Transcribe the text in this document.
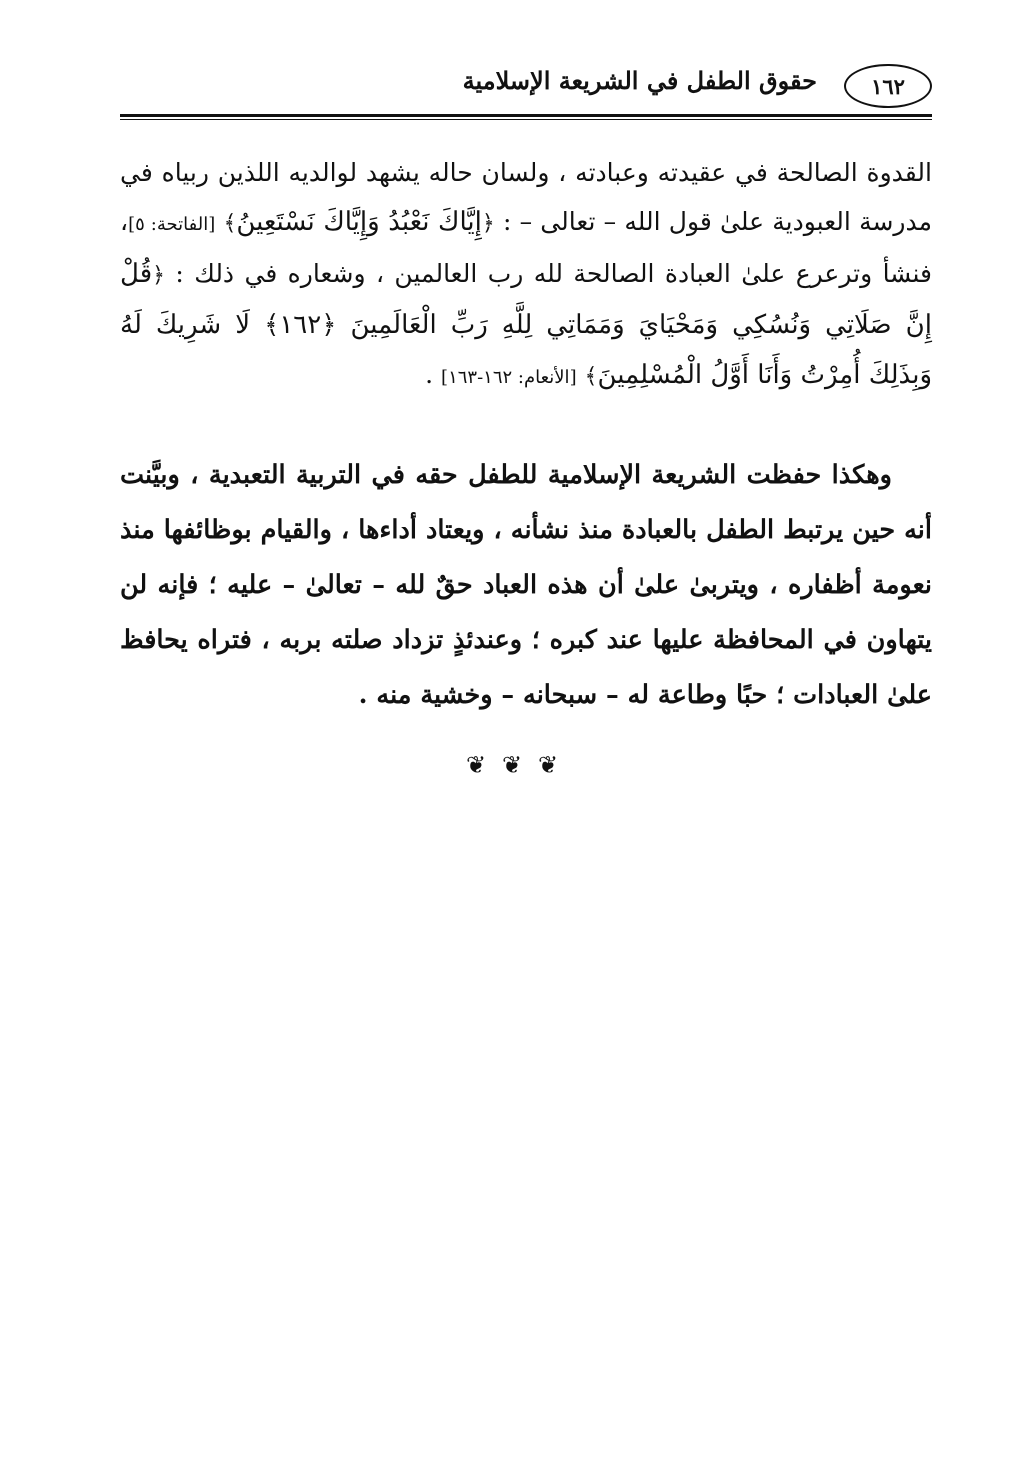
١٦٢
حقوق الطفل في الشريعة الإسلامية
القدوة الصالحة في عقيدته وعبادته ، ولسان حاله يشهد لوالديه اللذين ربياه في مدرسة العبودية علىٰ قول الله – تعالى – : ﴿إِيَّاكَ نَعْبُدُ وَإِيَّاكَ نَسْتَعِينُ﴾ [الفاتحة: ٥]، فنشأ وترعرع علىٰ العبادة الصالحة لله رب العالمين ، وشعاره في ذلك : ﴿قُلْ إِنَّ صَلَاتِي وَنُسُكِي وَمَحْيَايَ وَمَمَاتِي لِلَّهِ رَبِّ الْعَالَمِينَ ﴿١٦٢﴾ لَا شَرِيكَ لَهُ وَبِذَلِكَ أُمِرْتُ وَأَنَا أَوَّلُ الْمُسْلِمِينَ﴾ [الأنعام: ١٦٢-١٦٣] .
وهكذا حفظت الشريعة الإسلامية للطفل حقه في التربية التعبدية ، وبيَّنت أنه حين يرتبط الطفل بالعبادة منذ نشأنه ، ويعتاد أداءها ، والقيام بوظائفها منذ نعومة أظفاره ، ويتربىٰ علىٰ أن هذه العباد حقٌ لله – تعالىٰ – عليه ؛ فإنه لن يتهاون في المحافظة عليها عند كبره ؛ وعندئذٍ تزداد صلته بربه ، فتراه يحافظ علىٰ العبادات ؛ حبًا وطاعة له – سبحانه – وخشية منه .
❦ ❦ ❦
